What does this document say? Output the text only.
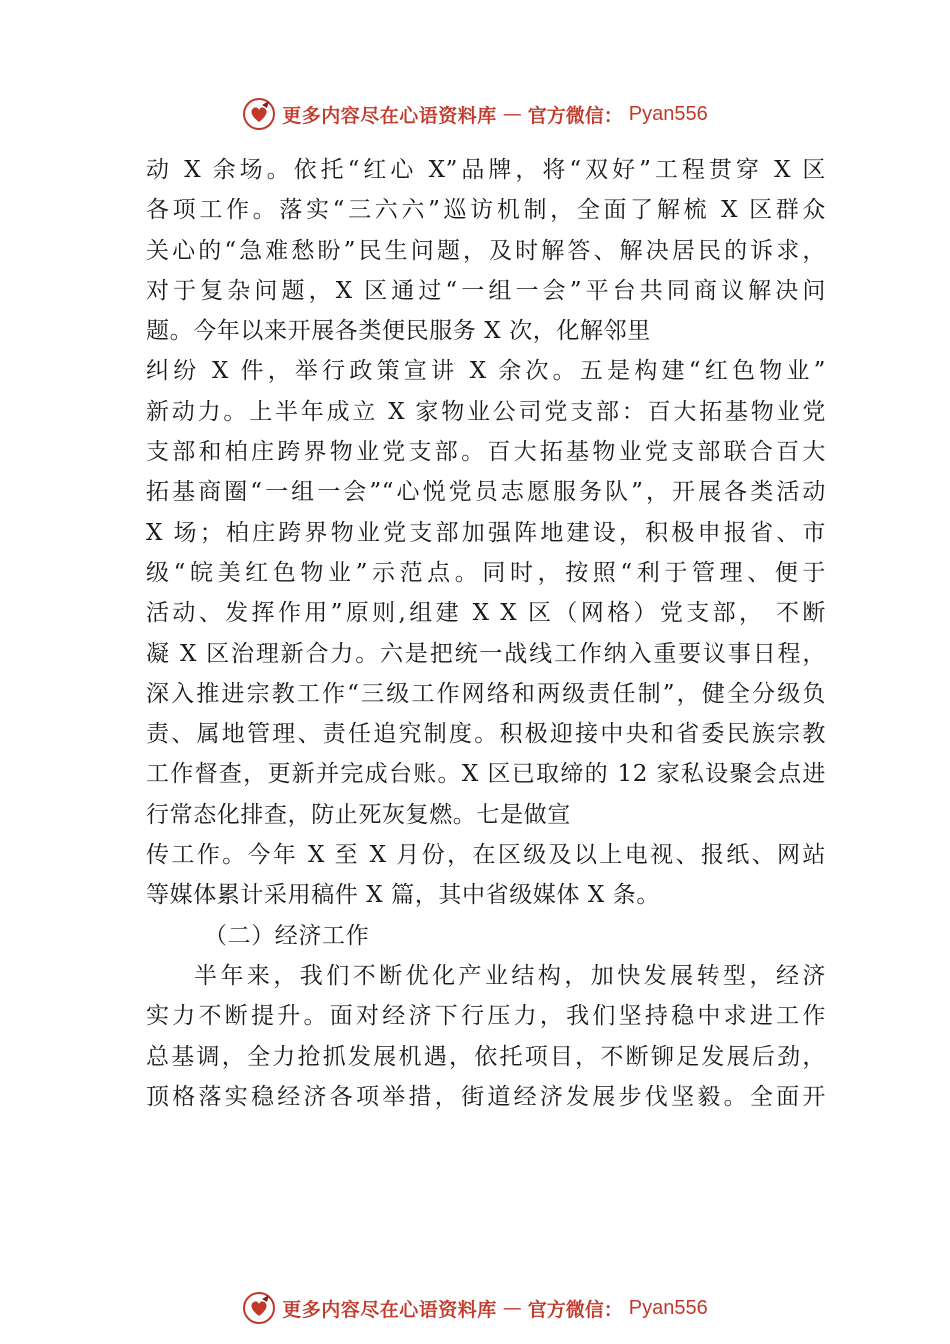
更多内容尽在心语资料库 — 官方微信： Pyan556
动 X 余场。依托“红心 X”品牌，将“双好”工程贯穿 X 区
各项工作。落实“三六六”巡访机制，全面了解梳 X 区群众
关心的“急难愁盼”民生问题，及时解答、解决居民的诉求，
对于复杂问题，X 区通过“一组一会”平台共同商议解决问
题。今年以来开展各类便民服务 X 次，化解邻里
纠纷 X 件，举行政策宣讲 X 余次。五是构建“红色物业”
新动力。上半年成立 X 家物业公司党支部：百大拓基物业党
支部和柏庄跨界物业党支部。百大拓基物业党支部联合百大
拓基商圈“一组一会”“心悦党员志愿服务队”，开展各类活动
X 场；柏庄跨界物业党支部加强阵地建设，积极申报省、市
级“皖美红色物业”示范点。同时，按照“利于管理、便于
活动、发挥作用”原则,组建 X X 区（网格）党支部， 不断
凝 X 区治理新合力。六是把统一战线工作纳入重要议事日程，
深入推进宗教工作“三级工作网络和两级责任制”，健全分级负
责、属地管理、责任追究制度。积极迎接中央和省委民族宗教
工作督查，更新并完成台账。X 区已取缔的 12 家私设聚会点进
行常态化排查，防止死灰复燃。七是做宣
传工作。今年 X 至 X 月份，在区级及以上电视、报纸、网站
等媒体累计采用稿件 X 篇，其中省级媒体 X 条。
（二）经济工作
半年来，我们不断优化产业结构，加快发展转型，经济
实力不断提升。面对经济下行压力，我们坚持稳中求进工作
总基调，全力抢抓发展机遇，依托项目，不断铆足发展后劲，
顶格落实稳经济各项举措，街道经济发展步伐坚毅。全面开
更多内容尽在心语资料库 — 官方微信： Pyan556
